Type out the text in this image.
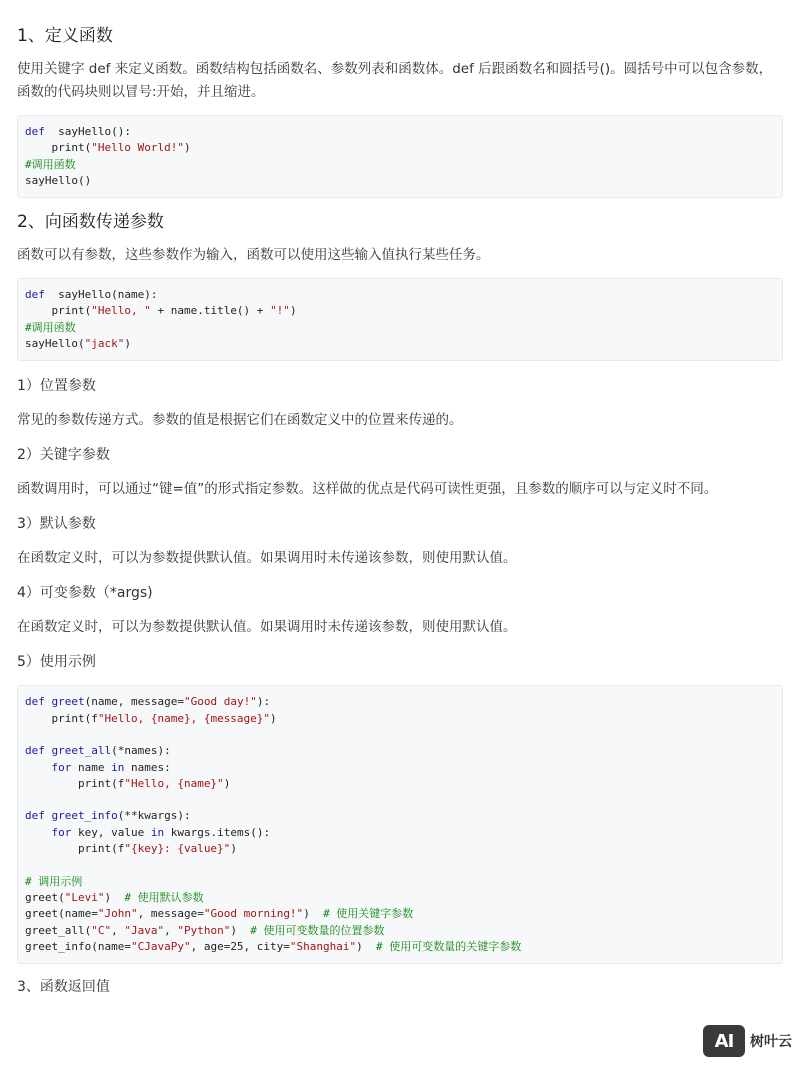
1、定义函数

使用关键字 def 来定义函数。函数结构包括函数名、参数列表和函数体。def 后跟函数名和圆括号()。圆括号中可以包含参数，函数的代码块则以冒号:开始，并且缩进。

def  sayHello():
print("Hello World!")
#调用函数
sayHello()
2、向函数传递参数

函数可以有参数，这些参数作为输入，函数可以使用这些输入值执行某些任务。

def  sayHello(name):
print("Hello, " + name.title() + "!")
#调用函数
sayHello("jack")
1）位置参数

常见的参数传递方式。参数的值是根据它们在函数定义中的位置来传递的。

2）关键字参数

函数调用时，可以通过“键=值”的形式指定参数。这样做的优点是代码可读性更强，且参数的顺序可以与定义时不同。

3）默认参数

在函数定义时，可以为参数提供默认值。如果调用时未传递该参数，则使用默认值。

4）可变参数（*args)

在函数定义时，可以为参数提供默认值。如果调用时未传递该参数，则使用默认值。

5）使用示例
def greet(name, message="Good day!"):
print(f"Hello, {name}, {message}")

def greet_all(*names):
for name in names:
print(f"Hello, {name}")

def greet_info(**kwargs):
for key, value in kwargs.items():
print(f"{key}: {value}")

# 调用示例
greet("Levi")  # 使用默认参数
greet(name="John", message="Good morning!")  # 使用关键字参数
greet_all("C", "Java", "Python")  # 使用可变数量的位置参数
greet_info(name="CJavaPy", age=25, city="Shanghai")  # 使用可变数量的关键字参数
3、函数返回值
AI	树叶云
